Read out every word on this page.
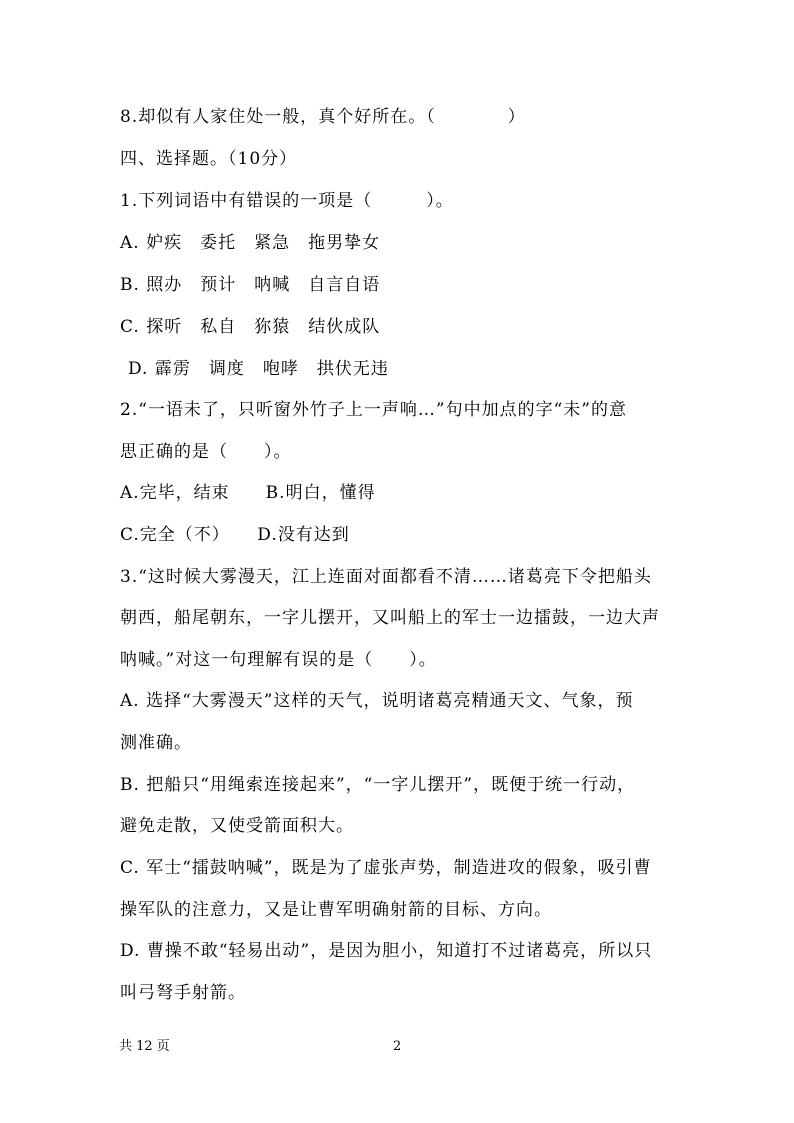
8.却似有人家住处一般，真个好所在。（　　　　）

四、选择题。（10分）

1.下列词语中有错误的一项是（　　　）。

A. 妒疾　委托　紧急　拖男挚女

B. 照办　预计　呐喊　自言自语

C. 探听　私自　狝猿　结伙成队

D. 霹雳　调度　咆哮　拱伏无违

2.“一语未了，只听窗外竹子上一声响…”句中加点的字“未”的意

思正确的是（　　）。

A.完毕，结束　　B.明白，懂得

C.完全（不）　　D.没有达到

3.“这时候大雾漫天，江上连面对面都看不清……诸葛亮下令把船头

朝西，船尾朝东，一字儿摆开，又叫船上的军士一边擂鼓，一边大声

呐喊。”对这一句理解有误的是（　　）。

A. 选择“大雾漫天”这样的天气，说明诸葛亮精通天文、气象，预

测准确。

B. 把船只“用绳索连接起来”，“一字儿摆开”，既便于统一行动，

避免走散，又使受箭面积大。

C. 军士“擂鼓呐喊”，既是为了虚张声势，制造进攻的假象，吸引曹

操军队的注意力，又是让曹军明确射箭的目标、方向。

D. 曹操不敢“轻易出动”，是因为胆小，知道打不过诸葛亮，所以只

叫弓弩手射箭。

共 12 页	2
